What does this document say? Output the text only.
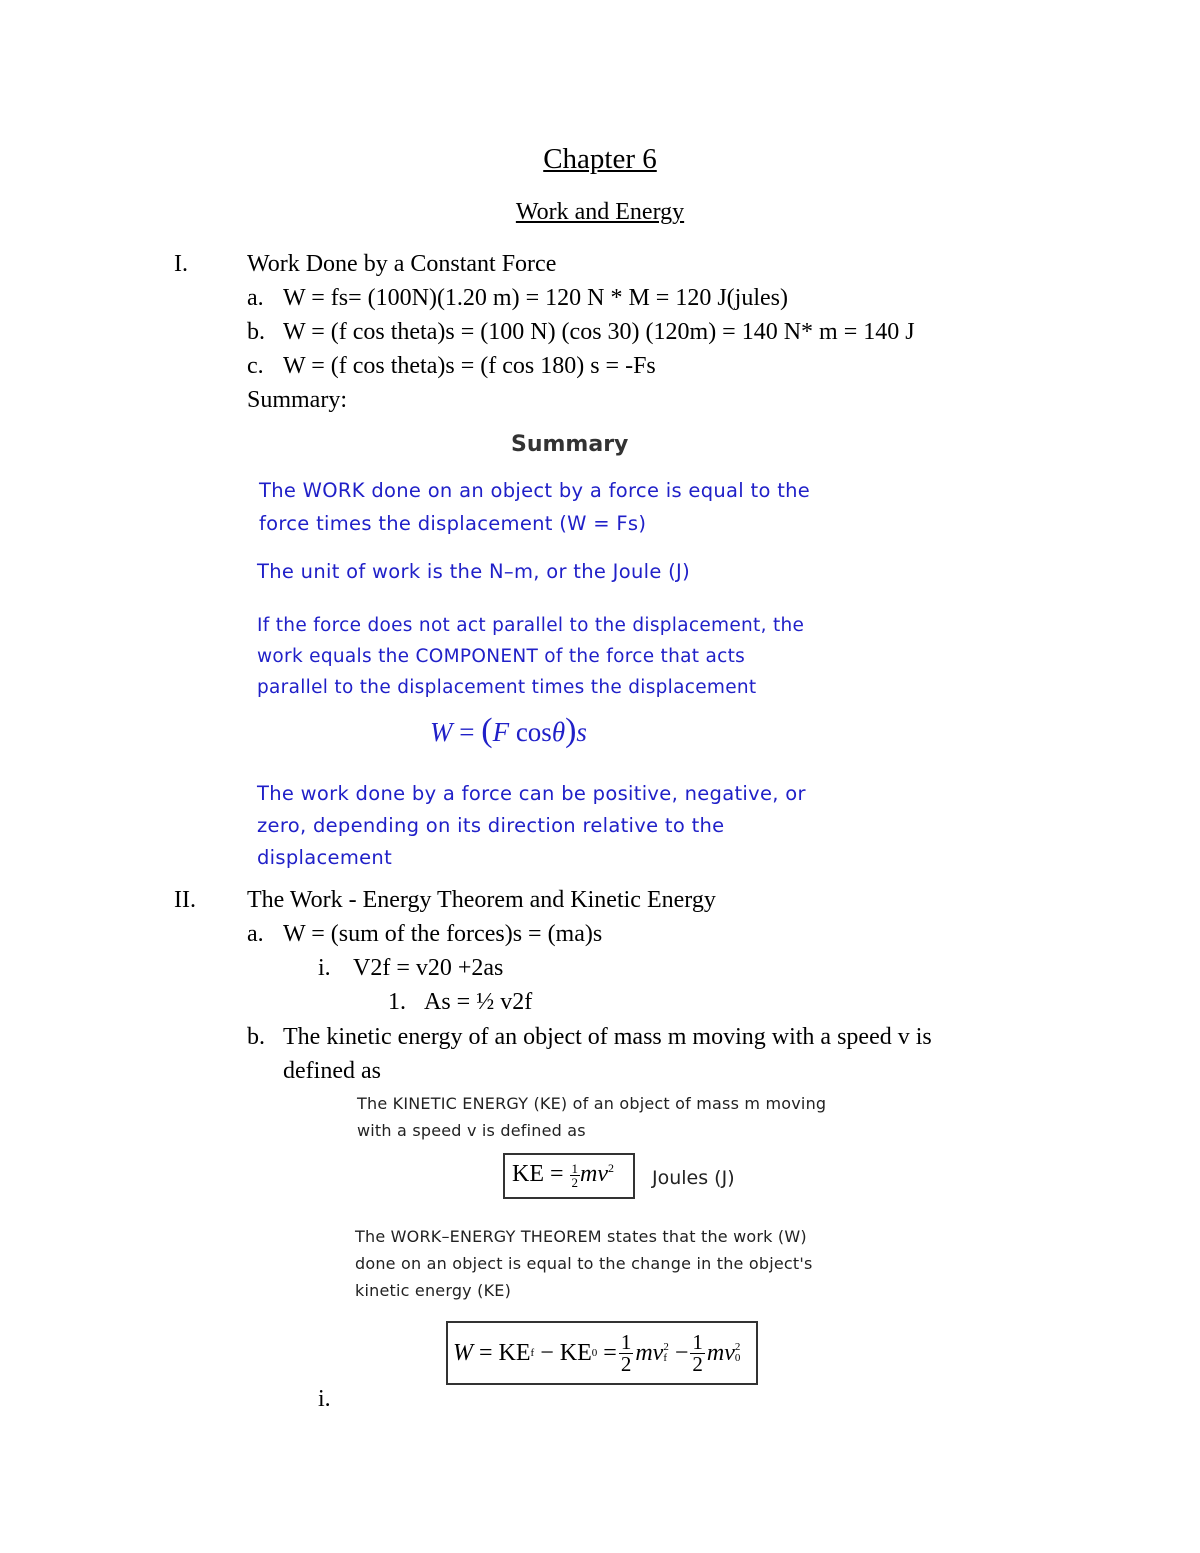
Chapter 6
Work and Energy
I. Work Done by a Constant Force
a. W = fs= (100N)(1.20 m) = 120 N * M = 120 J(jules)
b. W = (f cos theta)s = (100 N) (cos 30) (120m) = 140 N* m = 140 J
c. W = (f cos theta)s = (f cos 180) s = -Fs
Summary:
Summary
The WORK done on an object by a force is equal to the
force times the displacement (W = Fs)
The unit of work is the N–m, or the Joule (J)
If the force does not act parallel to the displacement, the
work equals the COMPONENT of the force that acts
parallel to the displacement times the displacement
W = (F cosθ)s
The work done by a force can be positive, negative, or
zero, depending on its direction relative to the
displacement
II. The Work - Energy Theorem and Kinetic Energy
a. W = (sum of the forces)s = (ma)s
i. V2f = v20 +2as
1. As = ½ v2f
b. The kinetic energy of an object of mass m moving with a speed v is
defined as
The KINETIC ENERGY (KE) of an object of mass m moving
with a speed v is defined as
KE = $\frac{1}{2} mv^2$ Joules (J)
The WORK–ENERGY THEOREM states that the work (W)
done on an object is equal to the change in the object's
kinetic energy (KE)
W
=
KE f
−
KE 0
= $\frac{1}{2}$ m v 2
f
− $\frac{1}{2}$ m v 2
0
i.
